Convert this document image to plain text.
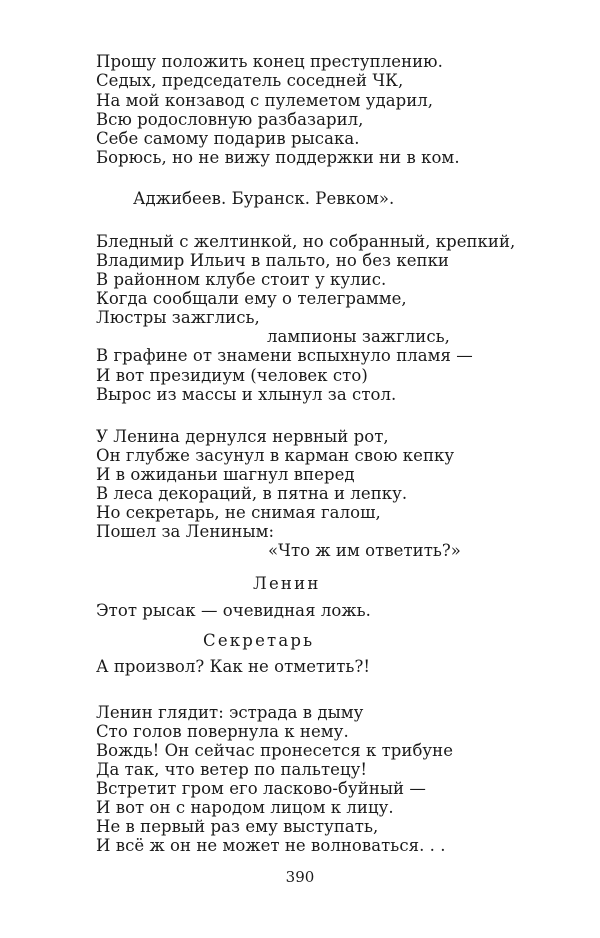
Прошу положить конец преступлению.
Седых, председатель соседней ЧК,
На мой конзавод с пулеметом ударил,
Всю родословную разбазарил,
Себе самому подарив рысака.
Борюсь, но не вижу поддержки ни в ком.
Аджибеев. Буранск. Ревком».
Бледный с желтинкой, но собранный, крепкий,
Владимир Ильич в пальто, но без кепки
В районном клубе стоит у кулис.
Когда сообщали ему о телеграмме,
Люстры зажглись,
лампионы зажглись,
В графине от знамени вспыхнуло пламя —
И вот президиум (человек сто)
Вырос из массы и хлынул за стол.
У Ленина дернулся нервный рот,
Он глубже засунул в карман свою кепку
И в ожиданьи шагнул вперед
В леса декораций, в пятна и лепку.
Но секретарь, не снимая галош,
Пошел за Лениным:
«Что ж им ответить?»
Ленин
Этот рысак — очевидная ложь.
Секретарь
А произвол? Как не отметить?!
Ленин глядит: эстрада в дыму
Сто голов повернула к нему.
Вождь! Он сейчас пронесется к трибуне
Да так, что ветер по пальтецу!
Встретит гром его ласково-буйный —
И вот он с народом лицом к лицу.
Не в первый раз ему выступать,
И всё ж он не может не волноваться. . .
390
